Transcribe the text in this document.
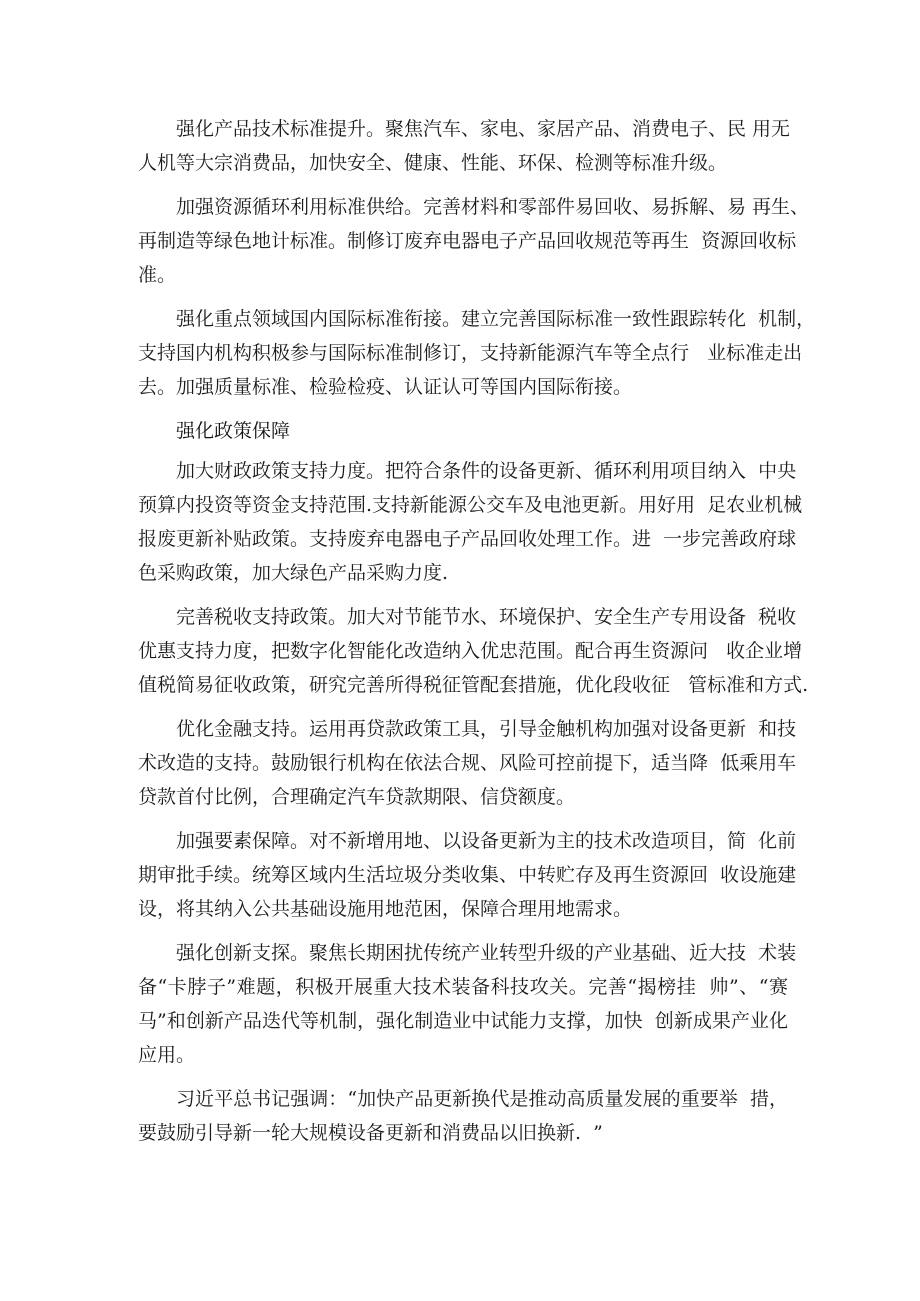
强化产品技术标准提升。聚焦汽车、家电、家居产品、消费电子、民 用无
人机等大宗消费品，加快安全、健康、性能、环保、检测等标准升级。
加强资源循环利用标准供给。完善材料和零部件易回收、易拆解、易 再生、
再制造等绿色地计标准。制修订废弃电器电子产品回收规范等再生  资源回收标
准。
强化重点领域国内国际标准衔接。建立完善国际标准一致性跟踪转化  机制，
支持国内机构积极参与国际标准制修订，支持新能源汽车等全点行   业标准走出
去。加强质量标准、检验检疫、认证认可等国内国际衔接。
强化政策保障
加大财政政策支持力度。把符合条件的设备更新、循环利用项目纳入  中央
预算内投资等资金支持范围.支持新能源公交车及电池更新。用好用  足农业机械
报废更新补贴政策。支持废弃电器电子产品回收处理工作。进  一步完善政府球
色采购政策，加大绿色产品采购力度.
完善税收支持政策。加大对节能节水、环境保护、安全生产专用设备  税收
优惠支持力度，把数字化智能化改造纳入优忠范围。配合再生资源问   收企业增
值税简易征收政策，研究完善所得税征管配套措施，优化段收征   管标准和方式.
优化金融支持。运用再贷款政策工具，引导金触机构加强对设备更新  和技
术改造的支持。鼓励银行机构在依法合规、风险可控前提下，适当降  低乘用车
贷款首付比例，合理确定汽车贷款期限、信贷额度。
加强要素保障。对不新增用地、以设备更新为主的技术改造项目，简  化前
期审批手续。统筹区域内生活垃圾分类收集、中转贮存及再生资源回  收设施建
设，将其纳入公共基础设施用地范困，保障合理用地需求。
强化创新支探。聚焦长期困扰传统产业转型升级的产业基础、近大技  术装
备“卡脖子”难题，积极开展重大技术装备科技攻关。完善“揭榜挂  帅”、“赛
马”和创新产品迭代等机制，强化制造业中试能力支撑，加快  创新成果产业化
应用。
习近平总书记强调：“加快产品更新换代是推动高质量发展的重要举  措，
要鼓励引导新一轮大规模设备更新和消费品以旧换新.  ”
